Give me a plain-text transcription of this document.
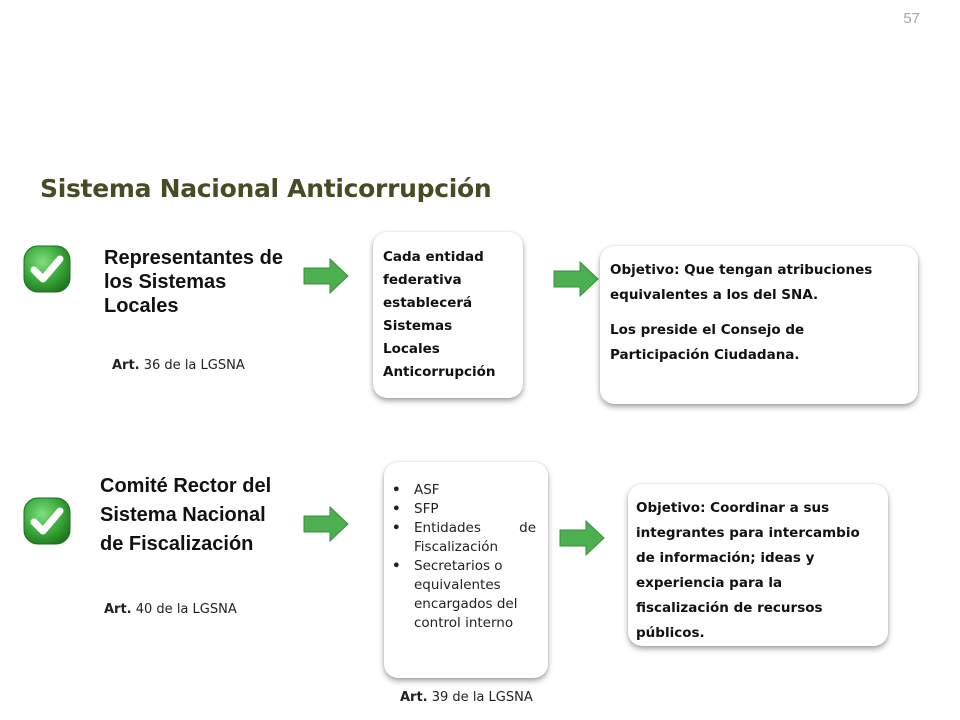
57
Sistema Nacional Anticorrupción
Representantes de los Sistemas Locales
Art. 36 de la LGSNA

Cada entidad

federativa

establecerá

Sistemas

Locales

Anticorrupción

Objetivo: Que tengan atribuciones equivalentes a los del SNA.

Los preside el Consejo de Participación Ciudadana.

Comité Rector del Sistema Nacional de Fiscalización
Art. 40 de la LGSNA
• ASF
• SFP
• Entidades de Fiscalización
• Secretarios o equivalentes encargados del control interno
Art. 39 de la LGSNA

Objetivo: Coordinar a sus integrantes para intercambio de información; ideas y experiencia para la fiscalización de recursos públicos.
